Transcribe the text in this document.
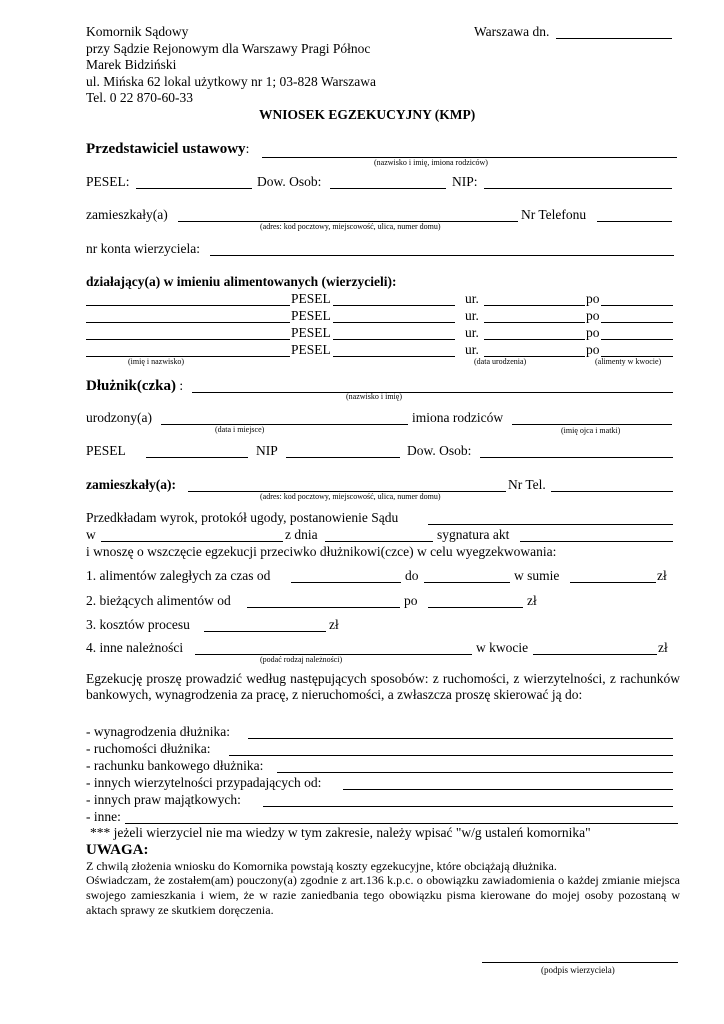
Komornik Sądowy
przy Sądzie Rejonowym dla Warszawy Pragi Północ
Marek Bidziński
ul. Mińska 62 lokal użytkowy nr 1; 03-828 Warszawa
Tel. 0 22 870-60-33
Warszawa dn.
WNIOSEK EGZEKUCYJNY (KMP)
Przedstawiciel ustawowy:
(nazwisko i imię, imiona rodziców)
PESEL:	Dow. Osob:	NIP:
zamieszkały(a)
(adres: kod pocztowy, miejscowość, ulica, numer domu)
Nr Telefonu
nr konta wierzyciela:
działający(a) w imieniu alimentowanych (wierzycieli):
PESEL	ur.	po
PESEL	ur.	po
PESEL	ur.	po
PESEL	ur.	po
(imię i nazwisko)	(data urodzenia)	(alimenty w kwocie)
Dłużnik(czka) :
(nazwisko i imię)
urodzony(a)
(data i miejsce)
imiona rodziców
(imię ojca i matki)
PESEL	NIP	Dow. Osob:
zamieszkały(a):
(adres: kod pocztowy, miejscowość, ulica, numer domu)
Nr Tel.
Przedkładam wyrok, protokół ugody, postanowienie Sądu
w	z dnia	sygnatura akt
i wnoszę o wszczęcie egzekucji przeciwko dłużnikowi(czce) w celu wyegzekwowania:
1. alimentów zaległych za czas od	do	w sumie	zł
2. bieżących alimentów od	po	zł
3. kosztów procesu	zł
4. inne należności
(podać rodzaj należności)
w kwocie	zł
Egzekucję proszę prowadzić według następujących sposobów: z ruchomości, z wierzytelności, z rachunków bankowych, wynagrodzenia za pracę, z nieruchomości, a zwłaszcza proszę skierować ją do:
- wynagrodzenia dłużnika:
- ruchomości dłużnika:
- rachunku bankowego dłużnika:
- innych wierzytelności przypadających od:
- innych praw majątkowych:
- inne:
*** jeżeli wierzyciel nie ma wiedzy w tym zakresie, należy wpisać "w/g ustaleń komornika"
UWAGA:
Z chwilą złożenia wniosku do Komornika powstają koszty egzekucyjne, które obciążają dłużnika.
Oświadczam, że zostałem(am) pouczony(a) zgodnie z art.136 k.p.c. o obowiązku zawiadomienia o każdej zmianie miejsca swojego zamieszkania i wiem, że w razie zaniedbania tego obowiązku pisma kierowane do mojej osoby pozostaną w aktach sprawy ze skutkiem doręczenia.
(podpis wierzyciela)
